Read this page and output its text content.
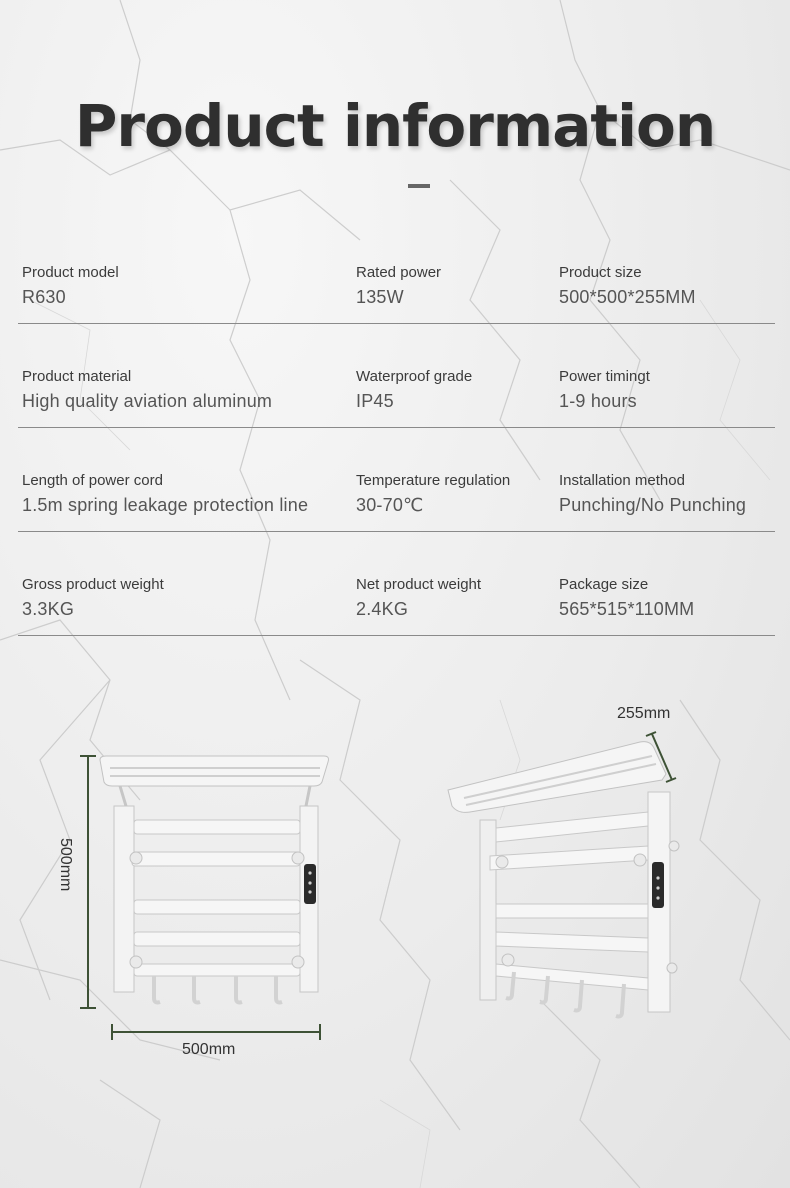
Product information
Product model
R630
Rated power
135W
Product size
500*500*255MM
Product material
High quality aviation aluminum
Waterproof grade
IP45
Power timingt
1-9 hours
Length of power cord
1.5m spring leakage protection line
Temperature regulation
30-70℃
Installation method
Punching/No Punching
Gross product weight
3.3KG
Net product weight
2.4KG
Package size
565*515*110MM
500mm
500mm
255mm
